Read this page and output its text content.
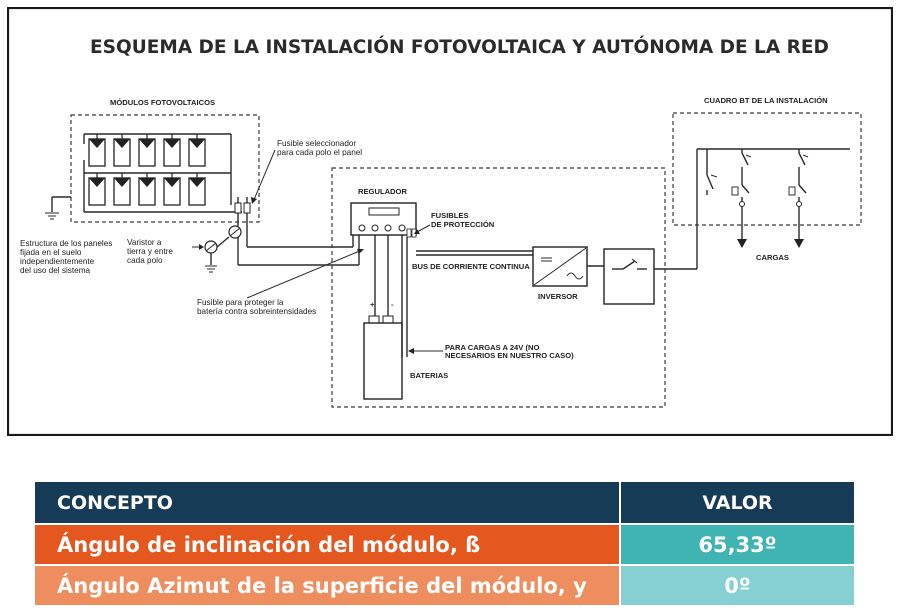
ESQUEMA DE LA INSTALACIÓN FOTOVOLTAICA Y AUTÓNOMA DE LA RED
MÓDULOS FOTOVOLTAICOS
Estructura de los paneles
fijada en el suelo
independientemente
del uso del sistema
Varistor a
tierra y entre
cada polo
Fusible seleccionador
para cada polo el panel
Fusible para proteger la
batería contra sobreintensidades
REGULADOR
FUSIBLES
DE PROTECCIÓN
+ -
BATERIAS
PARA CARGAS A 24V (NO
NECESARIOS EN NUESTRO CASO)
BUS DE CORRIENTE CONTINUA
INVERSOR
CUADRO BT DE LA INSTALACIÓN
CARGAS
CONCEPTO	VALOR
Ángulo de inclinación del módulo, ß	65,33º
Ángulo Azimut de la superficie del módulo, y	0º
